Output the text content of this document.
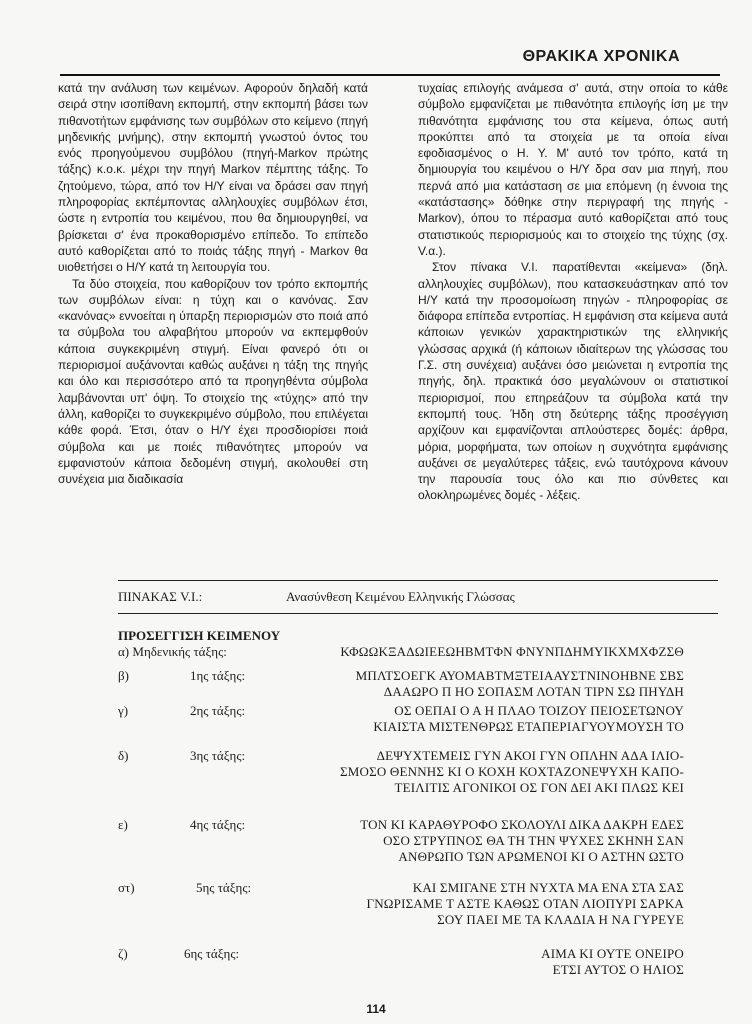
ΘΡΑΚΙΚΑ ΧΡΟΝΙΚΑ

κατά την ανάλυση των κειμένων. Αφορούν δηλαδή κατά σειρά στην ισοπίθανη εκπομπή, στην εκπομπή βάσει των πιθανοτήτων εμφάνισης των συμβόλων στο κείμενο (πηγή μηδενικής μνήμης), στην εκπομπή γνωστού όντος του ενός προηγούμενου συμβόλου (πηγή-Markov πρώτης τάξης) κ.ο.κ. μέχρι την πηγή Markov πέμπτης τάξης. Το ζητούμενο, τώρα, από τον Η/Υ είναι να δράσει σαν πηγή πληροφορίας εκπέμποντας αλληλουχίες συμβόλων έτσι, ώστε η εντροπία του κειμένου, που θα δημιουργηθεί, να βρίσκεται σ' ένα προκαθορισμένο επίπεδο. Το επίπεδο αυτό καθορίζεται από το ποιάς τάξης πηγή - Markov θα υιοθετήσει ο Η/Υ κατά τη λειτουργία του.

Τα δύο στοιχεία, που καθορίζουν τον τρόπο εκπομπής των συμβόλων είναι: η τύχη και ο κανόνας. Σαν «κανόνας» εννοείται η ύπαρξη περιορισμών στο ποιά από τα σύμβολα του αλφαβήτου μπορούν να εκπεμφθούν κάποια συγκεκριμένη στιγμή. Είναι φανερό ότι οι περιορισμοί αυξάνονται καθώς αυξάνει η τάξη της πηγής και όλο και περισσότερο από τα προηγηθέντα σύμβολα λαμβάνονται υπ' όψη. Το στοιχείο της «τύχης» από την άλλη, καθορίζει το συγκεκριμένο σύμβολο, που επιλέγεται κάθε φορά. Έτσι, όταν ο Η/Υ έχει προσδιορίσει ποιά σύμβολα και με ποιές πιθανότητες μπορούν να εμφανιστούν κάποια δεδομένη στιγμή, ακολουθεί στη συνέχεια μια διαδικασία

τυχαίας επιλογής ανάμεσα σ' αυτά, στην οποία το κάθε σύμβολο εμφανίζεται με πιθανότητα επιλογής ίση με την πιθανότητα εμφάνισης του στα κείμενα, όπως αυτή προκύπτει από τα στοιχεία με τα οποία είναι εφοδιασμένος ο Η. Υ. Μ' αυτό τον τρόπο, κατά τη δημιουργία του κειμένου ο Η/Υ δρα σαν μια πηγή, που περνά από μια κατάσταση σε μια επόμενη (η έννοια της «κατάστασης» δόθηκε στην περιγραφή της πηγής - Markov), όπου το πέρασμα αυτό καθορίζεται από τους στατιστικούς περιορισμούς και το στοιχείο της τύχης (σχ. V.α.).

Στον πίνακα V.I. παρατίθενται «κείμενα» (δηλ. αλληλουχίες συμβόλων), που κατασκευάστηκαν από τον Η/Υ κατά την προσομοίωση πηγών - πληροφορίας σε διάφορα επίπεδα εντροπίας. Η εμφάνιση στα κείμενα αυτά κάποιων γενικών χαρακτηριστικών της ελληνικής γλώσσας αρχικά (ή κάποιων ιδιαίτερων της γλώσσας του Γ.Σ. στη συνέχεια) αυξάνει όσο μειώνεται η εντροπία της πηγής, δηλ. πρακτικά όσο μεγαλώνουν οι στατιστικοί περιορισμοί, που επηρεάζουν τα σύμβολα κατά την εκπομπή τους. Ήδη στη δεύτερης τάξης προσέγγιση αρχίζουν και εμφανίζονται απλούστερες δομές: άρθρα, μόρια, μορφήματα, των οποίων η συχνότητα εμφάνισης αυξάνει σε μεγαλύτερες τάξεις, ενώ ταυτόχρονα κάνουν την παρουσία τους όλο και πιο σύνθετες και ολοκληρωμένες δομές - λέξεις.

ΠΙΝΑΚΑΣ V.I.:	Ανασύνθεση Κειμένου Ελληνικής Γλώσσας
ΠΡΟΣΕΓΓΙΣΗ ΚΕΙΜΕΝΟΥ
α) Μηδενικής τάξης:	ΚΦΩΩΚΞΑΔΩΙΕΕΩΗΒΜΤΦΝ ΦΝΥΝΠΔΗΜΥΙΚΧΜΧΦΖΣΘ
β)	1ης τάξης:	ΜΠΛΤΣΟΕΓΚ ΑΥΟΜΑΒΤΜΞΤΕΙΑΑΥΣΤΝΙΝΟΗΒΝΕ ΣΒΣ
ΔΑΑΩΡΟ Π ΗΟ ΣΟΠΑΣΜ ΛΟΤΑΝ ΤΙΡΝ ΣΩ ΠΗΥΔΗ
γ)	2ης τάξης:	ΟΣ ΟΕΠΑΙ Ο Α Η ΠΛΑΟ ΤΟΙΖΟΥ ΠΕΙΟΣΕΤΩΝΟΥ
ΚΙΑΙΣΤΑ ΜΙΣΤΕΝΘΡΩΣ ΕΤΑΠΕΡΙΑΓΥΟΥΜΟΥΣΗ ΤΟ
δ)	3ης τάξης:	ΔΕΨΥΧΤΕΜΕΙΣ ΓΥΝ ΑΚΟΙ ΓΥΝ ΟΠΛΗΝ ΑΔΑ ΙΛΙΟ-
ΣΜΟΣΟ ΘΕΝΝΗΣ ΚΙ Ο ΚΟΧΗ ΚΟΧΤΑΖΟΝΕΨΥΧΗ ΚΑΠΟ-
ΤΕΙΛΙΤΙΣ ΑΓΟΝΙΚΟΙ ΟΣ ΓΟΝ ΔΕΙ ΑΚΙ ΠΛΩΣ ΚΕΙ
ε)	4ης τάξης:	ΤΟΝ ΚΙ ΚΑΡΑΘΥΡΟΦΟ ΣΚΟΛΟΥΛΙ ΔΙΚΑ ΔΑΚΡΗ ΕΔΕΣ
ΟΣΟ ΣΤΡΥΠΝΟΣ ΘΑ ΤΗ ΤΗΝ ΨΥΧΕΣ ΣΚΗΝΗ ΣΑΝ
ΑΝΘΡΩΠΟ ΤΩΝ ΑΡΩΜΕΝΟΙ ΚΙ Ο ΑΣΤΗΝ ΩΣΤΟ
στ)	5ης τάξης:	ΚΑΙ ΣΜΙΓΑΝΕ ΣΤΗ ΝΥΧΤΑ ΜΑ ΕΝΑ ΣΤΑ ΣΑΣ
ΓΝΩΡΙΣΑΜΕ Τ ΑΣΤΕ ΚΑΘΩΣ ΟΤΑΝ ΛΙΟΠΥΡΙ ΣΑΡΚΑ
ΣΟΥ ΠΑΕΙ ΜΕ ΤΑ ΚΛΑΔΙΑ Η ΝΑ ΓΥΡΕΥΕ
ζ)	6ης τάξης:	ΑΙΜΑ ΚΙ ΟΥΤΕ ΟΝΕΙΡΟ
ΕΤΣΙ ΑΥΤΟΣ Ο ΗΛΙΟΣ
114
